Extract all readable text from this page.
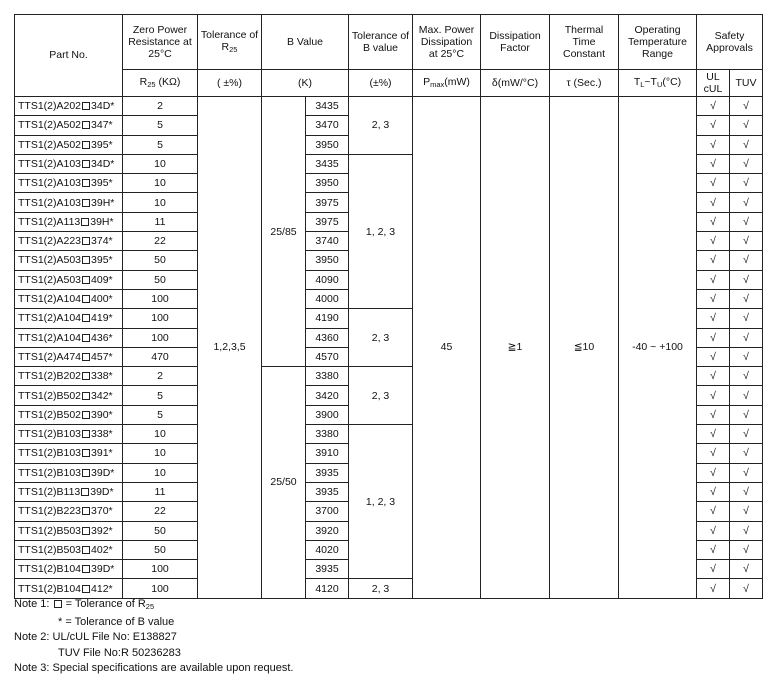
Part No.	Zero Power Resistance at 25°C	Tolerance of
$R_{25}$	B Value		Tolerance of B value	Max. Power Dissipation at 25°C	Dissipation Factor	Thermal Time Constant	Operating Temperature Range	Safety Approvals	
	$R_{25}$ (KΩ)	( ±%)	(K)		(±%)	$P_{max}(mW)$	δ(mW/°C)	τ (Sec.)	$T_L\sim T_U(^\circ C)$	UL cUL	TUV
TTS1(2)A202 34D*	2	1,2,3,5	25/85	3435	2, 3	45	≧1	≦10	-40 ~ +100	√	√
TTS1(2)A502 347*	5			3470						√	√
TTS1(2)A502 395*	5			3950						√	√
TTS1(2)A103 34D*	10			3435	1, 2, 3					√	√
TTS1(2)A103 395*	10			3950						√	√
TTS1(2)A103 39H*	10			3975						√	√
TTS1(2)A113 39H*	11			3975						√	√
TTS1(2)A223 374*	22			3740						√	√
TTS1(2)A503 395*	50			3950						√	√
TTS1(2)A503 409*	50			4090						√	√
TTS1(2)A104 400*	100			4000						√	√
TTS1(2)A104 419*	100			4190	2, 3					√	√
TTS1(2)A104 436*	100			4360						√	√
TTS1(2)A474 457*	470			4570						√	√
TTS1(2)B202 338*	2		25/50	3380	2, 3					√	√
TTS1(2)B502 342*	5			3420						√	√
TTS1(2)B502 390*	5			3900						√	√
TTS1(2)B103 338*	10			3380	1, 2, 3					√	√
TTS1(2)B103 391*	10			3910						√	√
TTS1(2)B103 39D*	10			3935						√	√
TTS1(2)B113 39D*	11			3935						√	√
TTS1(2)B223 370*	22			3700						√	√
TTS1(2)B503 392*	50			3920						√	√
TTS1(2)B503 402*	50			4020						√	√
TTS1(2)B104 39D*	100			3935						√	√
TTS1(2)B104 412*	100			4120	2, 3					√	√
Note 1:  = Tolerance of $R_{25}$
* = Tolerance of B value
Note 2: UL/cUL File No: E138827
TUV File No:R 50236283
Note 3: Special specifications are available upon request.
